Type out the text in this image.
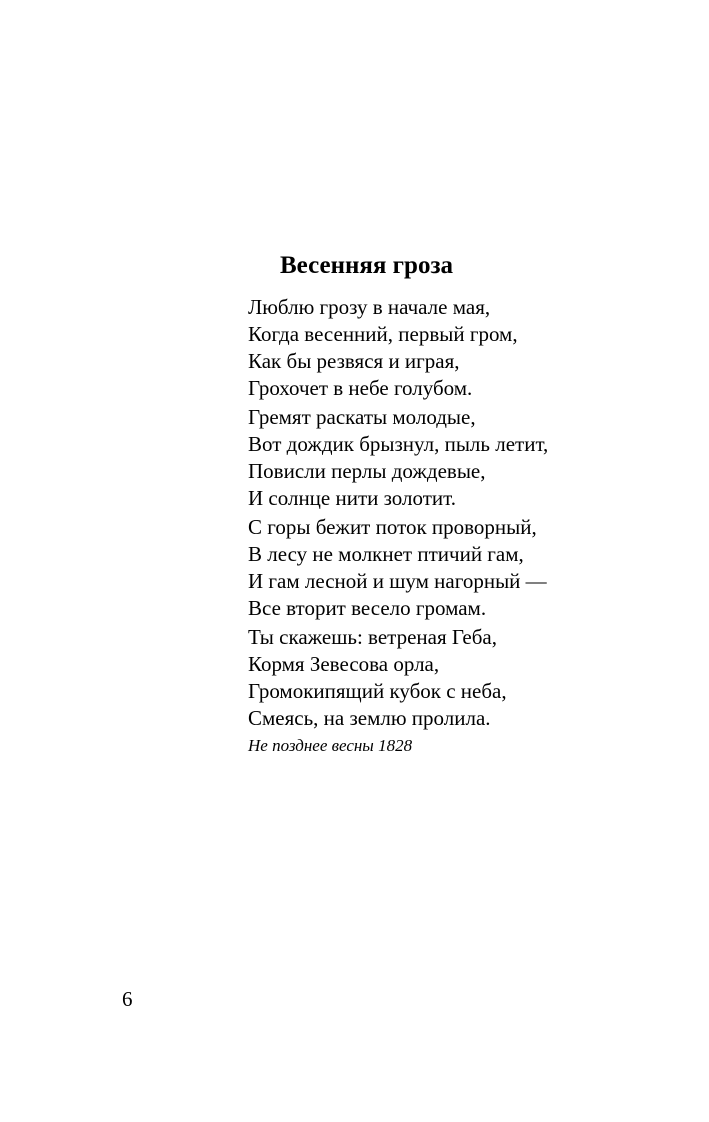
Весенняя гроза
Люблю грозу в начале мая,
Когда весенний, первый гром,
Как бы резвяся и играя,
Грохочет в небе голубом.
Гремят раскаты молодые,
Вот дождик брызнул, пыль летит,
Повисли перлы дождевые,
И солнце нити золотит.
С горы бежит поток проворный,
В лесу не молкнет птичий гам,
И гам лесной и шум нагорный —
Все вторит весело громам.
Ты скажешь: ветреная Геба,
Кормя Зевесова орла,
Громокипящий кубок с неба,
Смеясь, на землю пролила.

Не позднее весны 1828

6
